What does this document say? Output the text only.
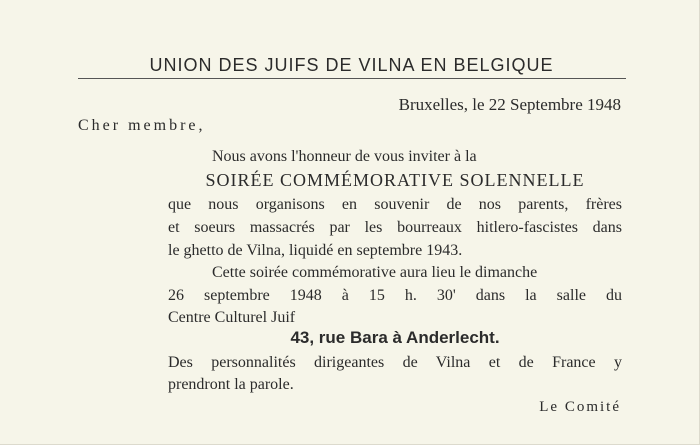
UNION DES JUIFS DE VILNA EN BELGIQUE
Bruxelles, le 22 Septembre 1948
Cher membre,
Nous avons l'honneur de vous inviter à la
SOIRÉE COMMÉMORATIVE SOLENNELLE
que nous organisons en souvenir de nos parents, frères
et soeurs massacrés par les bourreaux hitlero-fascistes dans
le ghetto de Vilna, liquidé en septembre 1943.
Cette soirée commémorative aura lieu le dimanche
26 septembre 1948 à 15 h. 30' dans la salle du
Centre Culturel Juif
43, rue Bara à Anderlecht.
Des personnalités dirigeantes de Vilna et de France y
prendront la parole.
Le Comité
